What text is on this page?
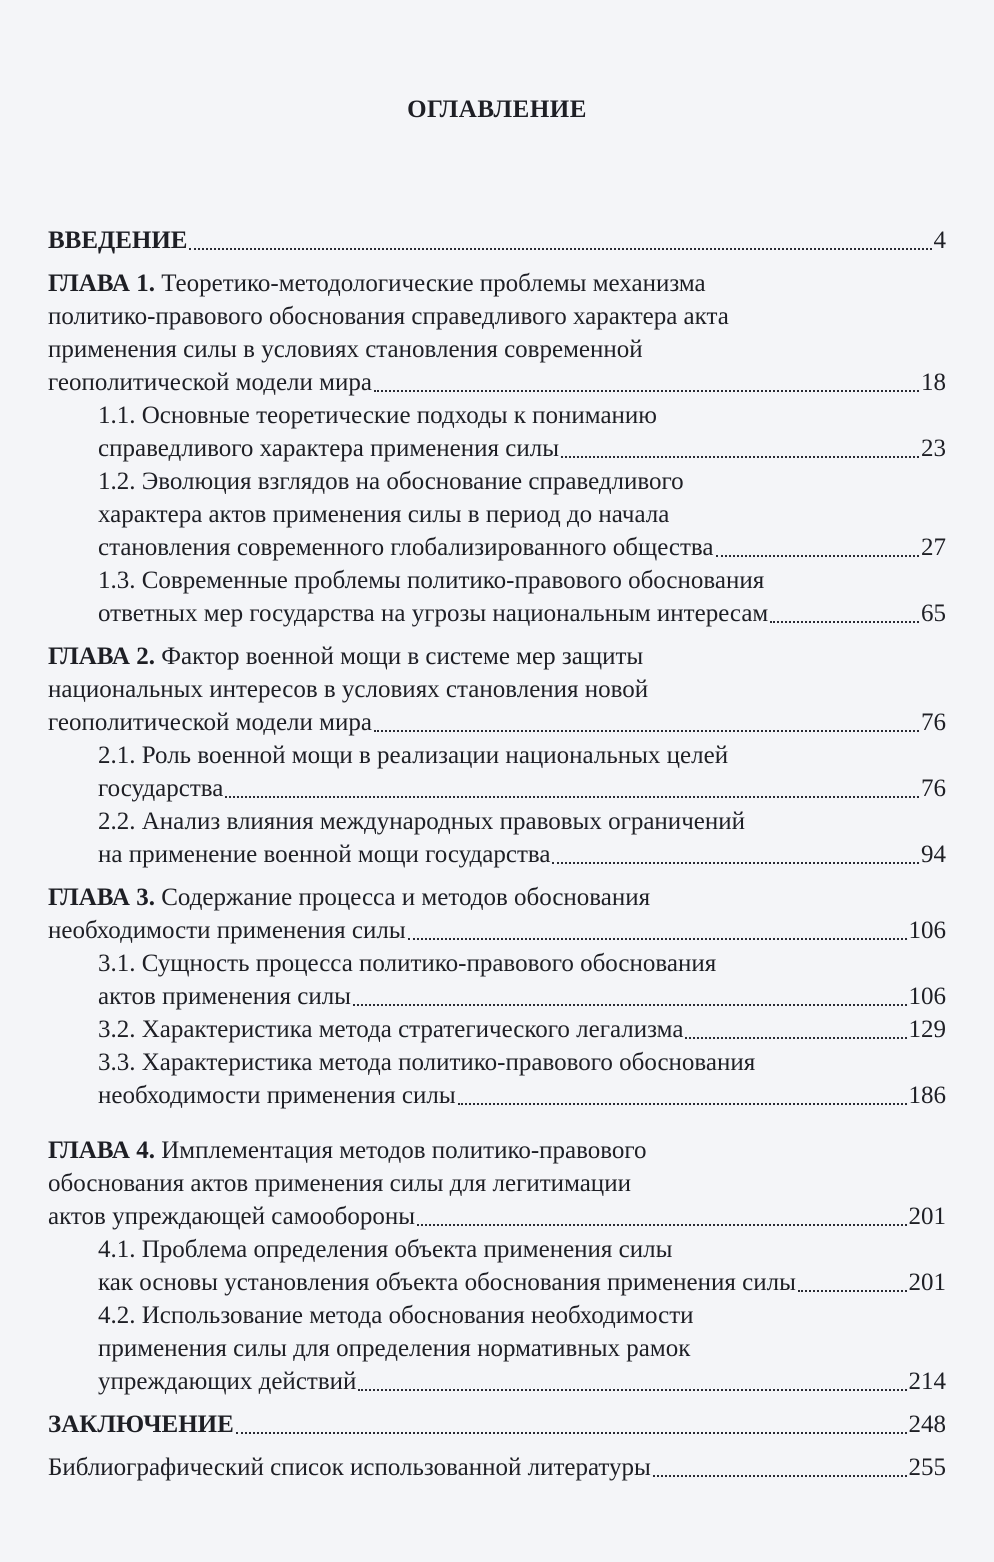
ОГЛАВЛЕНИЕ
ВВЕДЕНИЕ	4
ГЛАВА 1. Теоретико-методологические проблемы механизма
политико-правового обоснования справедливого характера акта
применения силы в условиях становления современной
геополитической модели мира	18
1.1. Основные теоретические подходы к пониманию
справедливого характера применения силы	23
1.2. Эволюция взглядов на обоснование справедливого
характера актов применения силы в период до начала
становления современного глобализированного общества	27
1.3. Современные проблемы политико-правового обоснования
ответных мер государства на угрозы национальным интересам	65
ГЛАВА 2. Фактор военной мощи в системе мер защиты
национальных интересов в условиях становления новой
геополитической модели мира	76
2.1. Роль военной мощи в реализации национальных целей
государства	76
2.2. Анализ влияния международных правовых ограничений
на применение военной мощи государства	94
ГЛАВА 3. Содержание процесса и методов обоснования
необходимости применения силы	106
3.1. Сущность процесса политико-правового обоснования
актов применения силы	106
3.2. Характеристика метода стратегического легализма	129
3.3. Характеристика метода политико-правового обоснования
необходимости применения силы	186
ГЛАВА 4. Имплементация методов политико-правового
обоснования актов применения силы для легитимации
актов упреждающей самообороны	201
4.1. Проблема определения объекта применения силы
как основы установления объекта обоснования применения силы	201
4.2. Использование метода обоснования необходимости
применения силы для определения нормативных рамок
упреждающих действий	214
ЗАКЛЮЧЕНИЕ	248
Библиографический список использованной литературы	255
